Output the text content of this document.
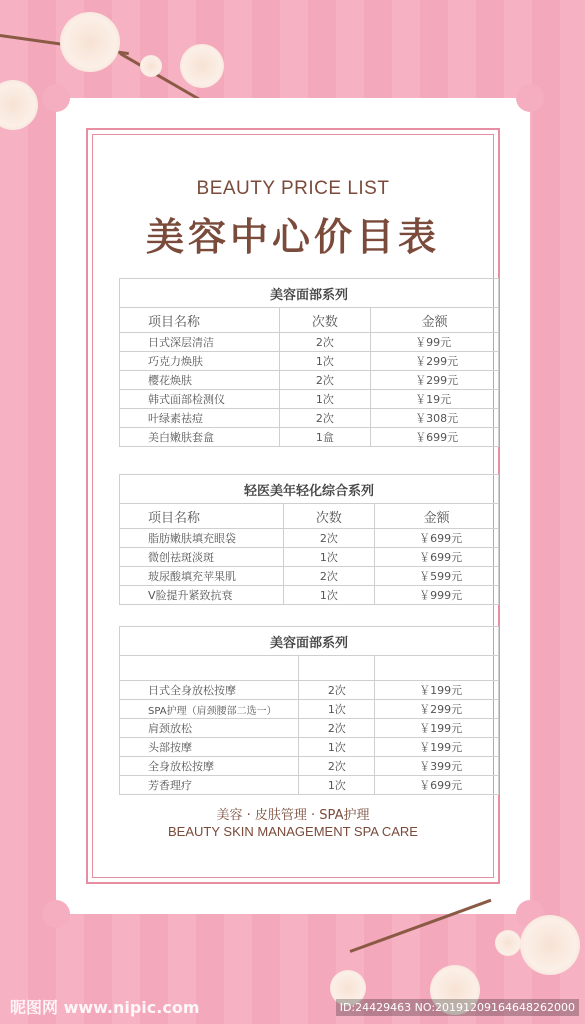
BEAUTY PRICE LIST
美容中心价目表
美容面部系列		
项目名称	次数	金额
日式深层清洁	2次	￥99元
巧克力焕肤	1次	￥299元
樱花焕肤	2次	￥299元
韩式面部检测仪	1次	￥19元
叶绿素祛痘	2次	￥308元
美白嫩肤套盒	1盒	￥699元
轻医美年轻化综合系列		
项目名称	次数	金额
脂肪嫩肤填充眼袋	2次	￥699元
微创祛斑淡斑	1次	￥699元
玻尿酸填充苹果肌	2次	￥599元
V脸提升紧致抗衰	1次	￥999元
美容面部系列		

日式全身放松按摩	2次	￥199元
SPA护理（肩颈腰部二选一）	1次	￥299元
肩颈放松	2次	￥199元
头部按摩	1次	￥199元
全身放松按摩	2次	￥399元
芳香理疗	1次	￥699元
美容 · 皮肤管理 · SPA护理
BEAUTY SKIN MANAGEMENT SPA CARE
昵图网 www.nipic.com	ID:24429463 NO:20191209164648262000
